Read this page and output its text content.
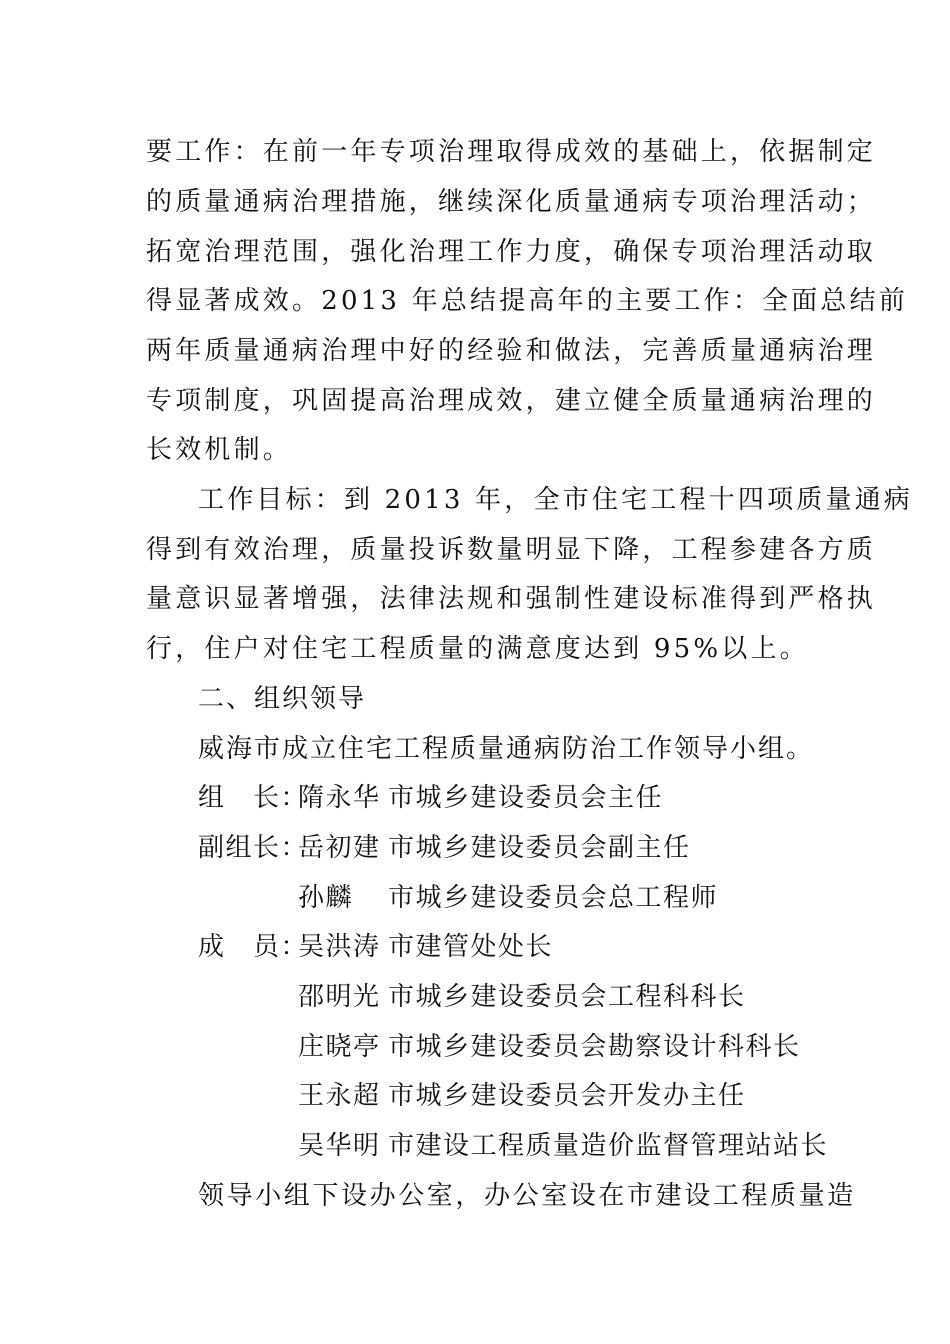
要工作：在前一年专项治理取得成效的基础上，依据制定
的质量通病治理措施，继续深化质量通病专项治理活动；
拓宽治理范围，强化治理工作力度，确保专项治理活动取
得显著成效。2013 年总结提高年的主要工作：全面总结前
两年质量通病治理中好的经验和做法，完善质量通病治理
专项制度，巩固提高治理成效，建立健全质量通病治理的
长效机制。
工作目标：到 2013 年，全市住宅工程十四项质量通病
得到有效治理，质量投诉数量明显下降，工程参建各方质
量意识显著增强，法律法规和强制性建设标准得到严格执
行，住户对住宅工程质量的满意度达到 95%以上。
二、组织领导
威海市成立住宅工程质量通病防治工作领导小组。
组　长：
隋永华 市城乡建设委员会主任
副组长：
岳初建 市城乡建设委员会副主任
孙麟 市城乡建设委员会总工程师
成　员：
吴洪涛 市建管处处长
邵明光 市城乡建设委员会工程科科长
庄晓亭 市城乡建设委员会勘察设计科科长
王永超 市城乡建设委员会开发办主任
吴华明 市建设工程质量造价监督管理站站长
领导小组下设办公室，办公室设在市建设工程质量造
